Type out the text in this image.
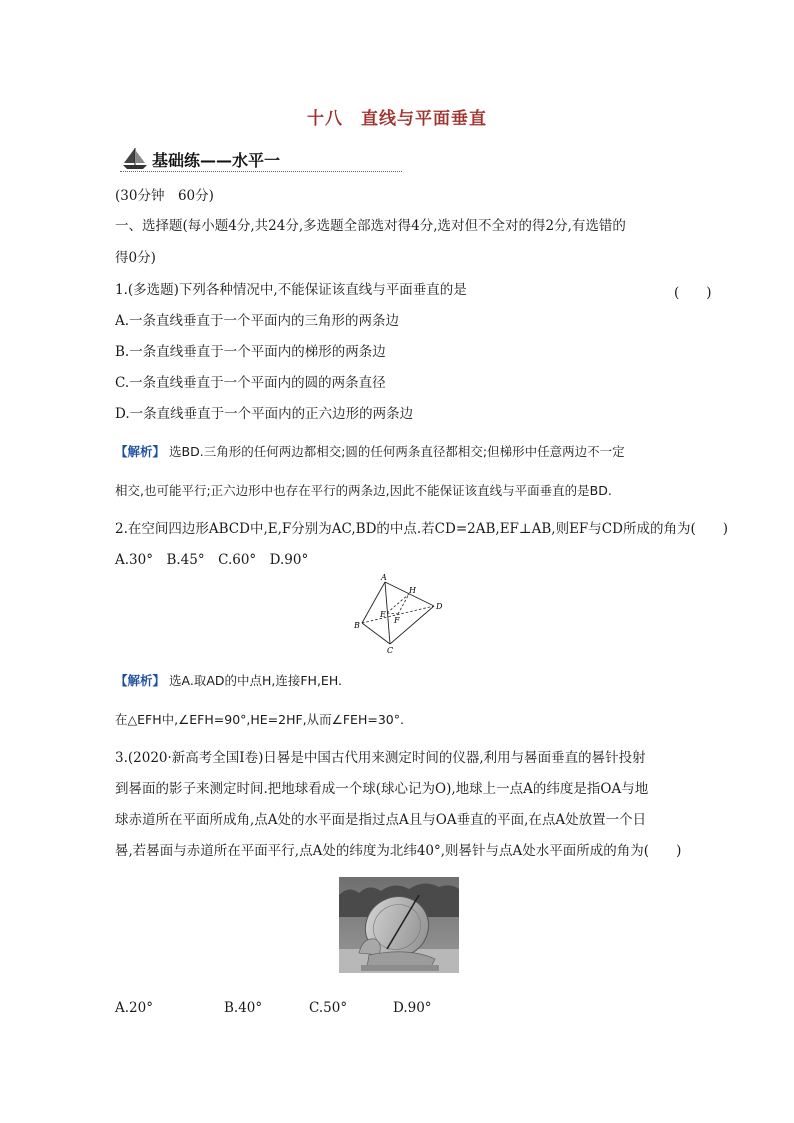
十八　直线与平面垂直
基础练——水平一
(30分钟　60分)
一、选择题(每小题4分,共24分,多选题全部选对得4分,选对但不全对的得2分,有选错的
得0分)
1.(多选题)下列各种情况中,不能保证该直线与平面垂直的是	(　　)
A.一条直线垂直于一个平面内的三角形的两条边
B.一条直线垂直于一个平面内的梯形的两条边
C.一条直线垂直于一个平面内的圆的两条直径
D.一条直线垂直于一个平面内的正六边形的两条边
【解析】 选BD.三角形的任何两边都相交;圆的任何两条直径都相交;但梯形中任意两边不一定
相交,也可能平行;正六边形中也存在平行的两条边,因此不能保证该直线与平面垂直的是BD.
2.在空间四边形ABCD中,E,F分别为AC,BD的中点.若CD=2AB,EF⊥AB,则EF与CD所成的角为(　　)
A.30°　B.45°　C.60°　D.90°
A
H
D
E
F
B
C
【解析】 选A.取AD的中点H,连接FH,EH.
在△EFH中,∠EFH=90°,HE=2HF,从而∠FEH=30°.
3.(2020·新高考全国Ⅰ卷)日晷是中国古代用来测定时间的仪器,利用与晷面垂直的晷针投射
到晷面的影子来测定时间.把地球看成一个球(球心记为O),地球上一点A的纬度是指OA与地
球赤道所在平面所成角,点A处的水平面是指过点A且与OA垂直的平面,在点A处放置一个日
晷,若晷面与赤道所在平面平行,点A处的纬度为北纬40°,则晷针与点A处水平面所成的角为(　　)
A.20°	B.40°	C.50°	D.90°
